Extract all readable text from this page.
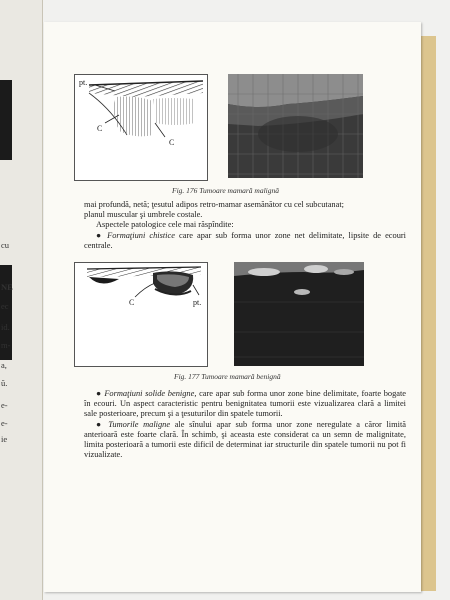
cu
NE
ec
id.
m-
a,
ŭ.
e-
e-
ie
pt.
C
C
Fig. 176 Tumoare mamară malignă

mai profundă, netă; ţesutul adipos retro-mamar asemănător cu cel subcutanat;

planul muscular şi umbrele costale.

Aspectele patologice cele mai răspîndite:

● Formaţiuni chistice care apar sub forma unor zone net delimitate, lipsite de ecouri centrale.

C	pt.
Fig. 177 Tumoare mamară benignă

● Formaţiuni solide benigne, care apar sub forma unor zone bine delimitate, foarte bogate în ecouri. Un aspect caracteristic pentru benignitatea tumorii este vizualizarea clară a limitei sale posterioare, precum şi a ţesuturilor din spatele tumorii.

● Tumorile maligne ale sînului apar sub forma unor zone neregulate a căror limită anterioară este foarte clară. În schimb, şi aceasta este considerat ca un semn de malignitate, limita posterioară a tumorii este dificil de determinat iar structurile din spatele tumorii nu pot fi vizualizate.
